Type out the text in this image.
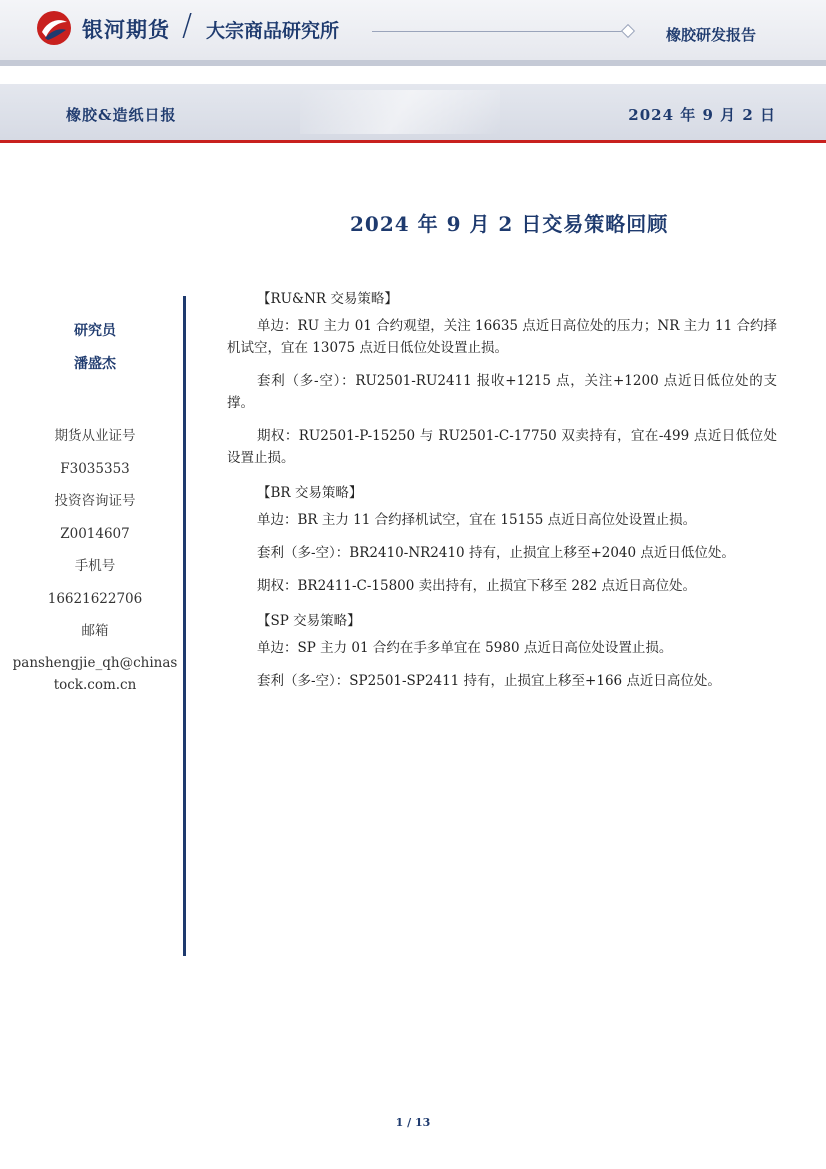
银河期货 / 大宗商品研究所	橡胶研发报告
橡胶&造纸日报	2024 年 9 月 2 日
2024 年 9 月 2 日交易策略回顾
研究员
潘盛杰
期货从业证号
F3035353
投资咨询证号
Z0014607
手机号
16621622706
邮箱
panshengjie_qh@chinastock.com.cn
【RU&NR 交易策略】
单边：RU 主力 01 合约观望，关注 16635 点近日高位处的压力；NR 主力 11 合约择机试空，宜在 13075 点近日低位处设置止损。
套利（多-空）：RU2501-RU2411 报收+1215 点，关注+1200 点近日低位处的支撑。
期权：RU2501-P-15250 与 RU2501-C-17750 双卖持有，宜在-499 点近日低位处设置止损。
【BR 交易策略】
单边：BR 主力 11 合约择机试空，宜在 15155 点近日高位处设置止损。
套利（多-空）：BR2410-NR2410 持有，止损宜上移至+2040 点近日低位处。
期权：BR2411-C-15800 卖出持有，止损宜下移至 282 点近日高位处。
【SP 交易策略】
单边：SP 主力 01 合约在手多单宜在 5980 点近日高位处设置止损。
套利（多-空）：SP2501-SP2411 持有，止损宜上移至+166 点近日高位处。
1 / 13
